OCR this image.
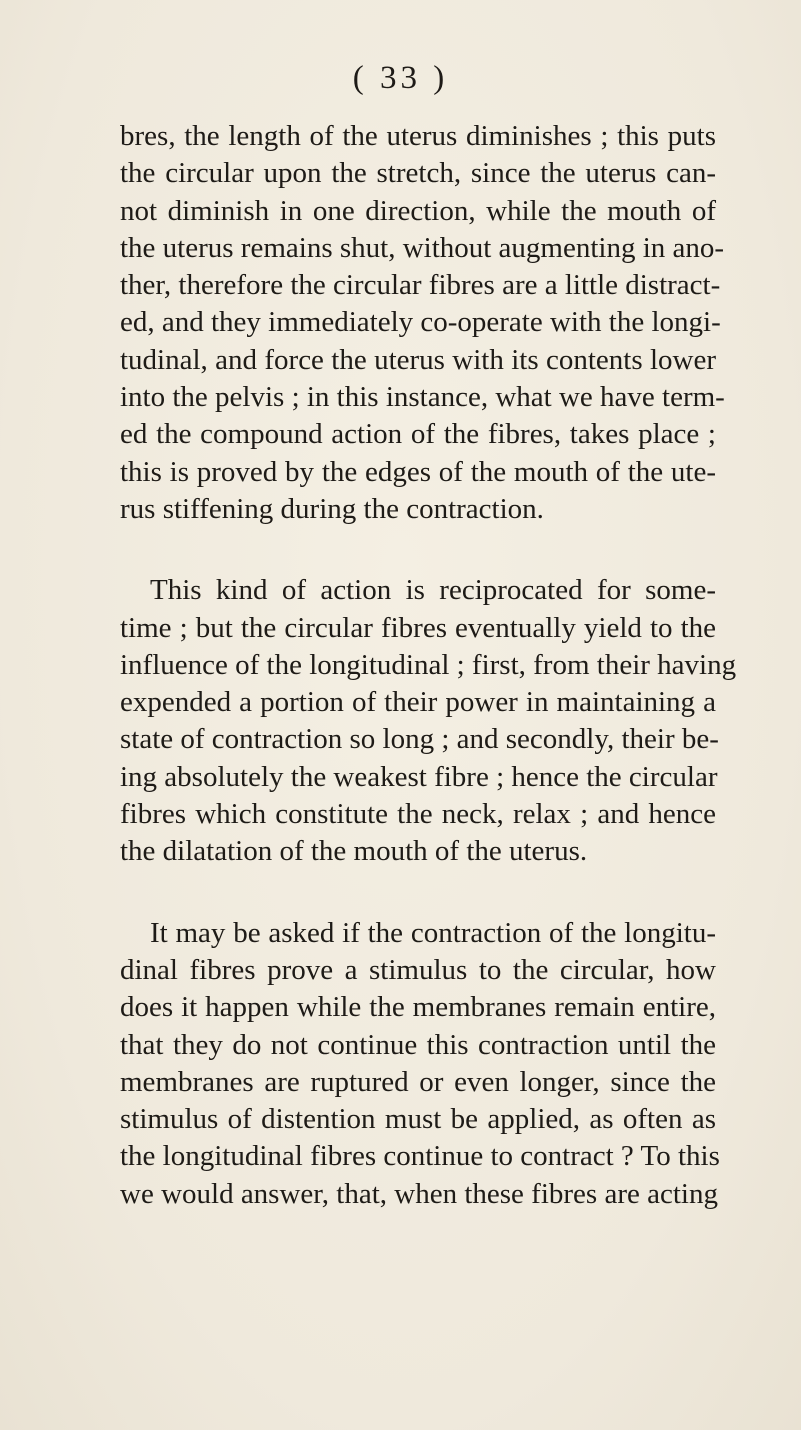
( 33 )
bres, the length of the uterus diminishes ; this puts
the circular upon the stretch, since the uterus can-
not diminish in one direction, while the mouth of
the uterus remains shut, without augmenting in ano-
ther, therefore the circular fibres are a little distract-
ed, and they immediately co-operate with the longi-
tudinal, and force the uterus with its contents lower
into the pelvis ; in this instance, what we have term-
ed the compound action of the fibres, takes place ;
this is proved by the edges of the mouth of the ute-
rus stiffening during the contraction.
This kind of action is reciprocated for some-
time ; but the circular fibres eventually yield to the
influence of the longitudinal ; first, from their having
expended a portion of their power in maintaining a
state of contraction so long ; and secondly, their be-
ing absolutely the weakest fibre ; hence the circular
fibres which constitute the neck, relax ; and hence
the dilatation of the mouth of the uterus.
It may be asked if the contraction of the longitu-
dinal fibres prove a stimulus to the circular, how
does it happen while the membranes remain entire,
that they do not continue this contraction until the
membranes are ruptured or even longer, since the
stimulus of distention must be applied, as often as
the longitudinal fibres continue to contract ? To this
we would answer, that, when these fibres are acting
